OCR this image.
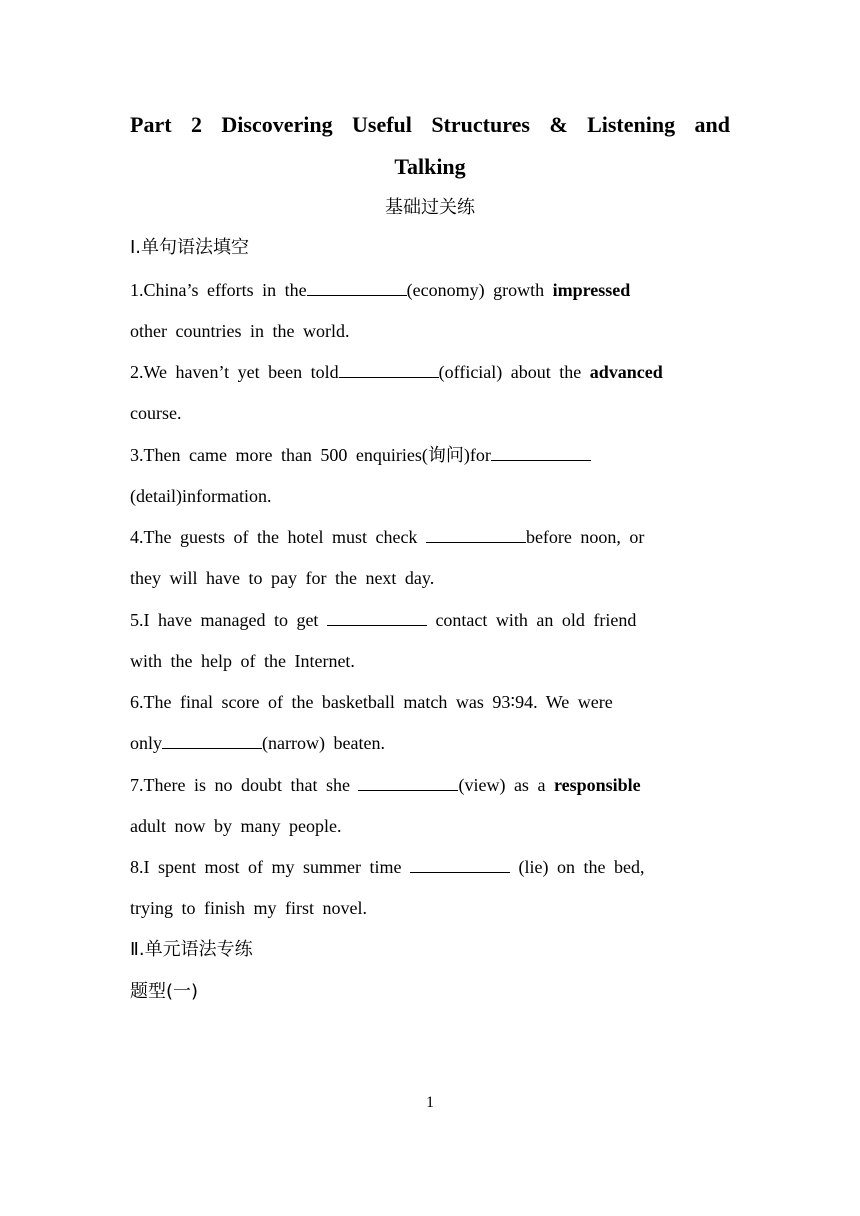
Part 2 Discovering Useful Structures & Listening and Talking
基础过关练
Ⅰ.单句语法填空
1.China’s efforts in the	(economy) growth impressed
other countries in the world.
2.We haven’t yet been told	(official) about the advanced
course.
3.Then came more than 500 enquiries(询问)for
(detail)information.
4.The guests of the hotel must check	before noon, or
they will have to pay for the next day.
5.I have managed to get	contact with an old friend
with the help of the Internet.
6.The final score of the basketball match was 93∶94. We were
only	(narrow) beaten.
7.There is no doubt that she	(view) as a responsible
adult now by many people.
8.I spent most of my summer time	(lie) on the bed,
trying to finish my first novel.
Ⅱ.单元语法专练
题型(一)
1
